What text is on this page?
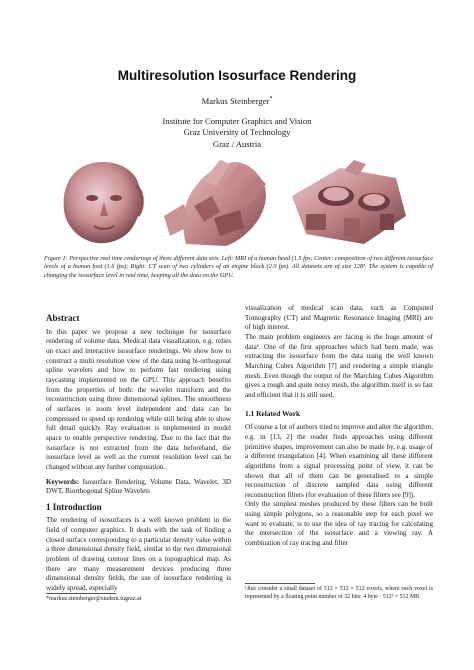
Multiresolution Isosurface Rendering
Markus Steinberger*
Institute for Computer Graphics and Vision
Graz University of Technology
Graz / Austria
Figure 1: Perspective real time renderings of three different data sets. Left: MRI of a human head (1.5 fps; Center: composition of two different isosurface levels of a human foot (1.6 fps); Right: CT scan of two cylinders of an engine block (2.0 fps). All datasets are of size 128³. The system is capable of changing the isosurface level in real time, keeping all the data on the GPU.
Abstract

In this paper we propose a new technique for isosurface rendering of volume data. Medical data visualization, e.g. relies on exact and interactive isosurface renderings. We show how to construct a multi resolution view of the data using bi-orthogonal spline wavelets and how to perform fast rendering using raycasting implemented on the GPU. This approach benefits from the properties of both: the wavelet transform and the reconstruction using three dimensional splines. The smoothness of surfaces is zoom level independent and data can be compressed to speed up rendering while still being able to show full detail quickly. Ray evaluation is implemented in model space to enable perspective rendering. Due to the fact that the isosurface is not extracted from the data beforehand, the isosurface level as well as the current resolution level can be changed without any further computation.

Keywords: Isosurface Rendering, Volume Data, Wavelet, 3D DWT, Biorthogonal Spline Wavelets

1 Introduction

The rendering of isosurfaces is a well known problem in the field of computer graphics. It deals with the task of finding a closed surface corresponding to a particular density value within a three dimensional density field, similar to the two dimensional problem of drawing contour lines on a topographical map. As there are many measurement devices producing three dimensional density fields, the use of isosurface rendering is widely spread, especially

visualization of medical scan data, such as Computed Tomography (CT) and Magnetic Resonance Imaging (MRI) are of high interest.

The main problem engineers are facing is the huge amount of data¹. One of the first approaches which had been made, was extracting the isosurface from the data using the well known Marching Cubes Algorithm [7] and rendering a simple triangle mesh. Even though the output of the Marching Cubes Algorithm gives a rough and quite noisy mesh, the algorithm itself is so fast and efficient that it is still used.

1.1 Related Work

Of course a lot of authors tried to improve and alter the algorithm, e.g. in [13, 2] the reader finds approaches using different primitive shapes, improvement can also be made by, e.g. usage of a different triangulation [4]. When examining all these different algorithms from a signal processing point of view, it can be shown that all of them can be generalised to a simple reconstruction of discrete sampled data using different reconstruction filters (for evaluation of these filters see [9]).

Only the simplest meshes produced by these filters can be built using simple polygons, so a reasonable step for each pixel we want to evaluate, is to use the idea of ray tracing for calculating the intersection of the isosurface and a viewing ray. A combination of ray tracing and filter

*markus.steinberger@student.tugraz.at
¹Just consider a small dataset of 512 × 512 × 512 voxels, where each voxel is represented by a floating point number of 32 bits: 4 byte · 512³ = 512 MB
